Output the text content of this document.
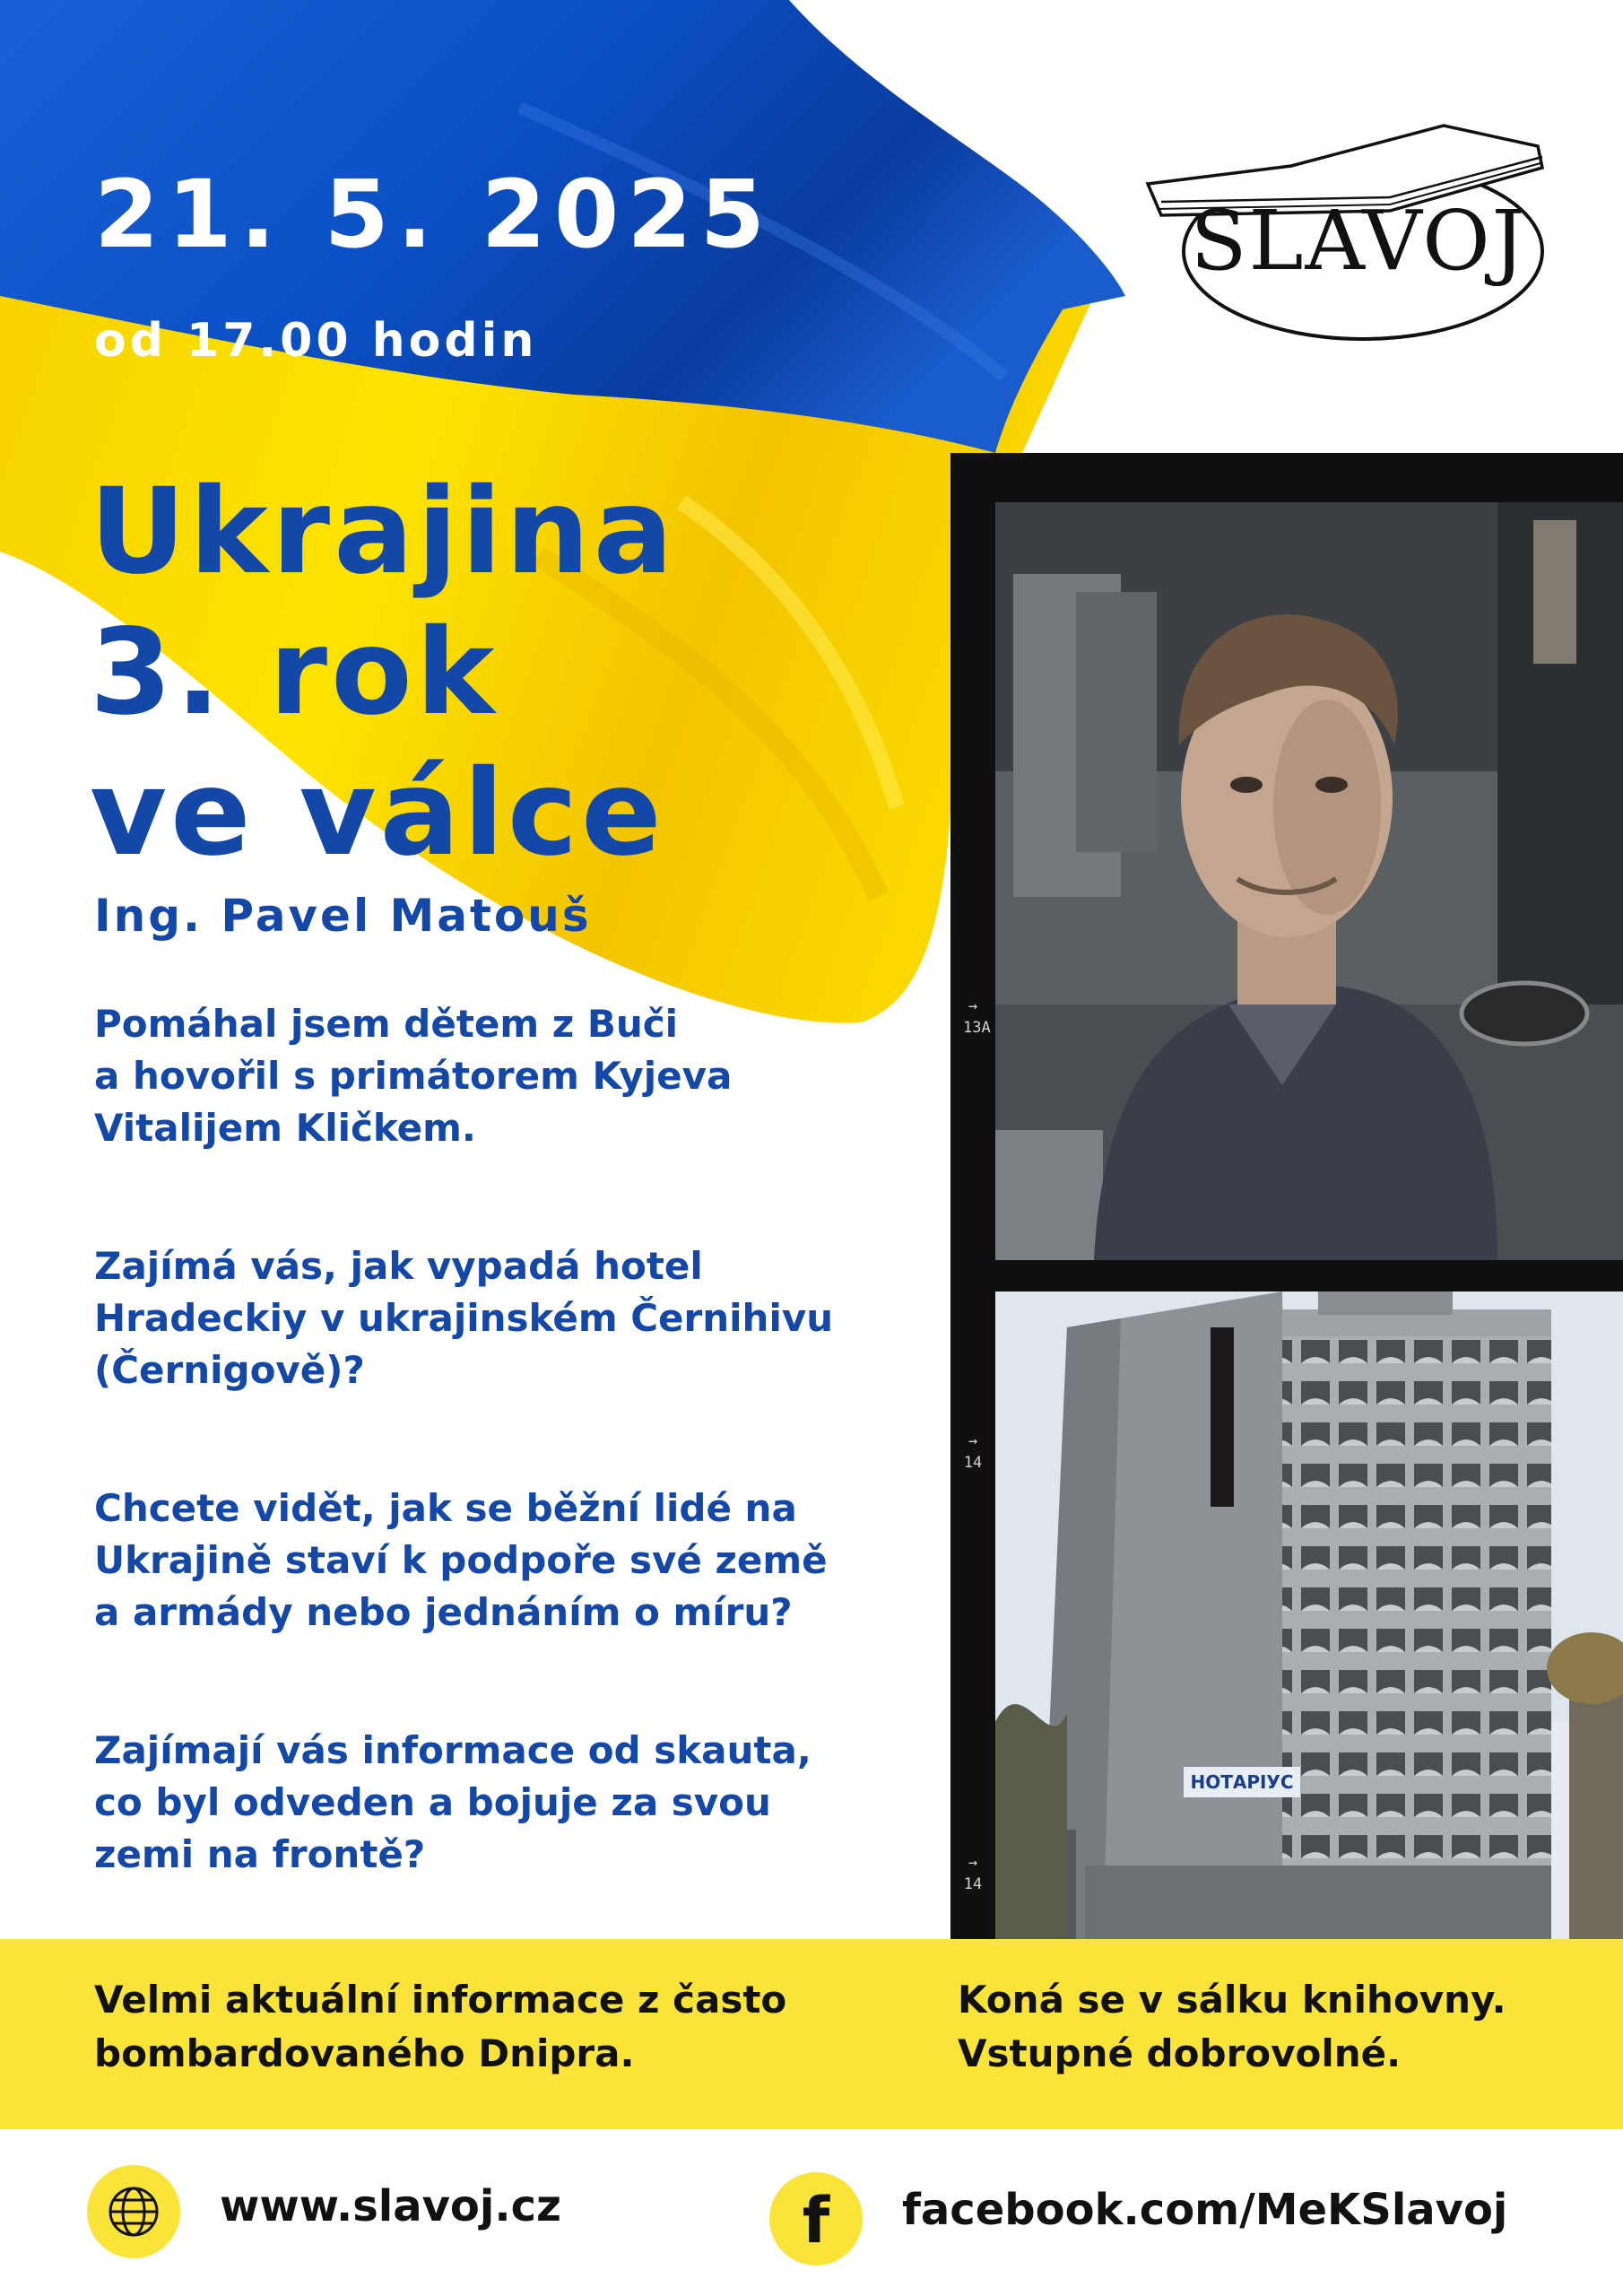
21. 5. 2025
od 17.00 hodin
SLAVOJ
Ukrajina
3. rok
ve válce
Ing. Pavel Matouš

Pomáhal jsem dětem z Buči
a hovořil s primátorem Kyjeva
Vitalijem Kličkem.

Zajímá vás, jak vypadá hotel
Hradeckiy v ukrajinském Černihivu
(Černigově)?

Chcete vidět, jak se běžní lidé na
Ukrajině staví k podpoře své země
a armády nebo jednáním o míru?

Zajímají vás informace od skauta,
co byl odveden a bojuje za svou
zemi na frontě?

→
13A
→
14
→
14
НОТАРІУС
Velmi aktuální informace z často
bombardovaného Dnipra.
Koná se v sálku knihovny.
Vstupné dobrovolné.
www.slavoj.cz	f facebook.com/MeKSlavoj
